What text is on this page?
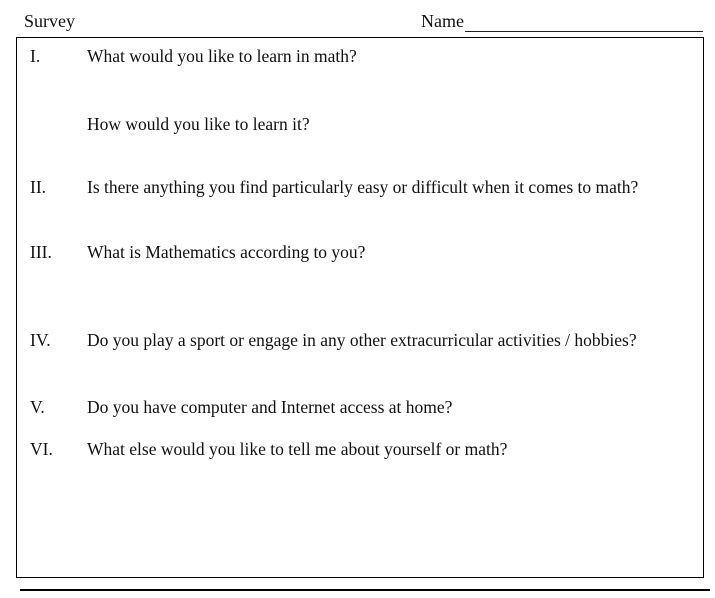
Survey	Name
I.	What would you like to learn in math?
How would you like to learn it?
II. Is there anything you find particularly easy or difficult when it comes to math?
III. What is Mathematics according to you?
IV. Do you play a sport or engage in any other extracurricular activities / hobbies?
V. Do you have computer and Internet access at home?
VI. What else would you like to tell me about yourself or math?
